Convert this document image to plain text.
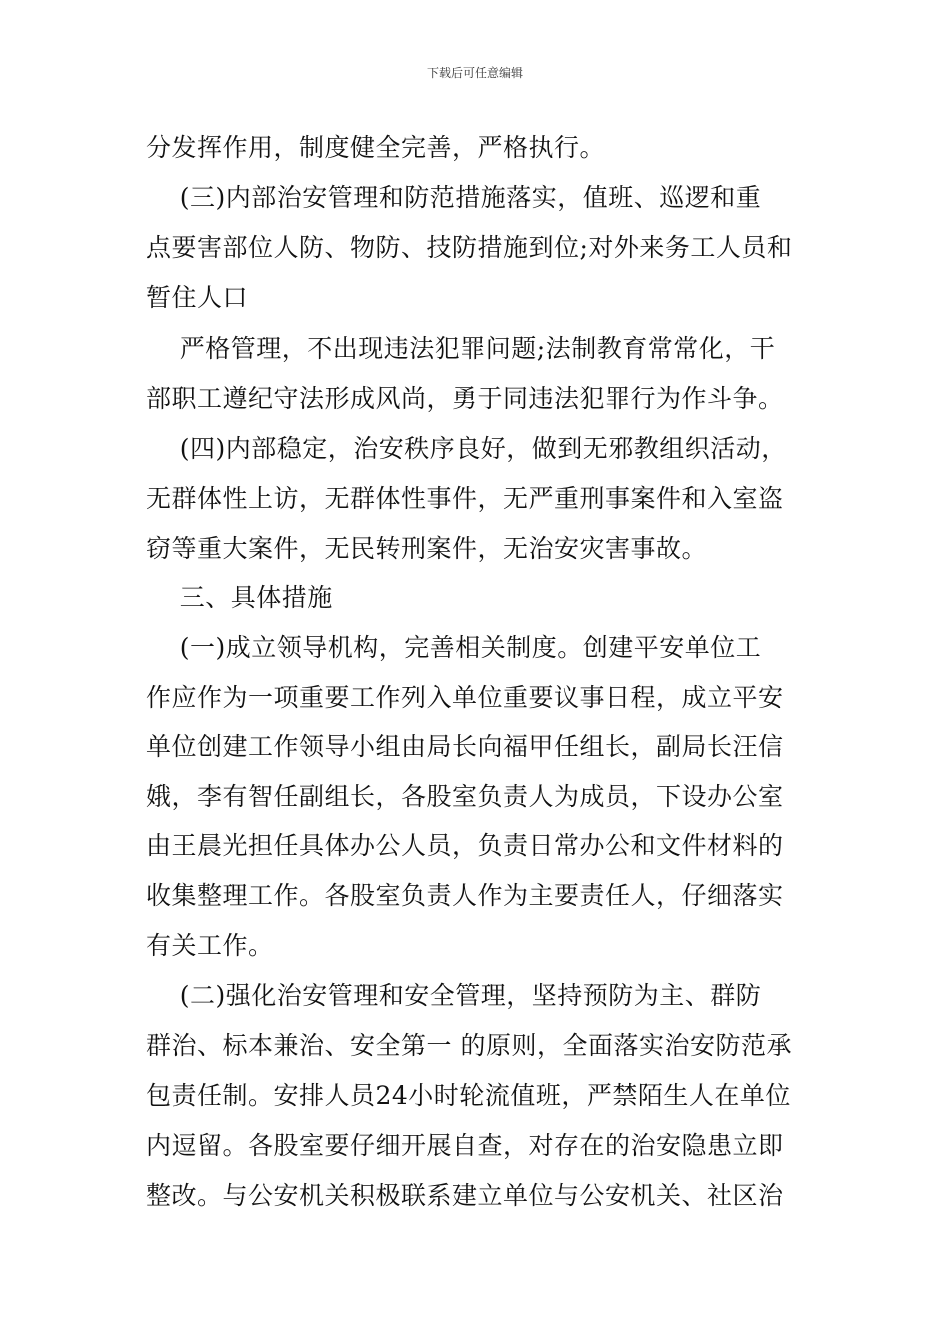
下载后可任意编辑
分发挥作用，制度健全完善，严格执行。
(三)内部治安管理和防范措施落实，值班、巡逻和重
点要害部位人防、物防、技防措施到位;对外来务工人员和
暂住人口
严格管理，不出现违法犯罪问题;法制教育常常化，干
部职工遵纪守法形成风尚，勇于同违法犯罪行为作斗争。
(四)内部稳定，治安秩序良好，做到无邪教组织活动，
无群体性上访，无群体性事件，无严重刑事案件和入室盗
窃等重大案件，无民转刑案件，无治安灾害事故。
三、具体措施
(一)成立领导机构，完善相关制度。创建平安单位工
作应作为一项重要工作列入单位重要议事日程，成立平安
单位创建工作领导小组由局长向福甲任组长，副局长汪信
娥，李有智任副组长，各股室负责人为成员，下设办公室
由王晨光担任具体办公人员，负责日常办公和文件材料的
收集整理工作。各股室负责人作为主要责任人，仔细落实
有关工作。
(二)强化治安管理和安全管理，坚持预防为主、群防
群治、标本兼治、安全第一 的原则，全面落实治安防范承
包责任制。安排人员24小时轮流值班，严禁陌生人在单位
内逗留。各股室要仔细开展自查，对存在的治安隐患立即
整改。与公安机关积极联系建立单位与公安机关、社区治
